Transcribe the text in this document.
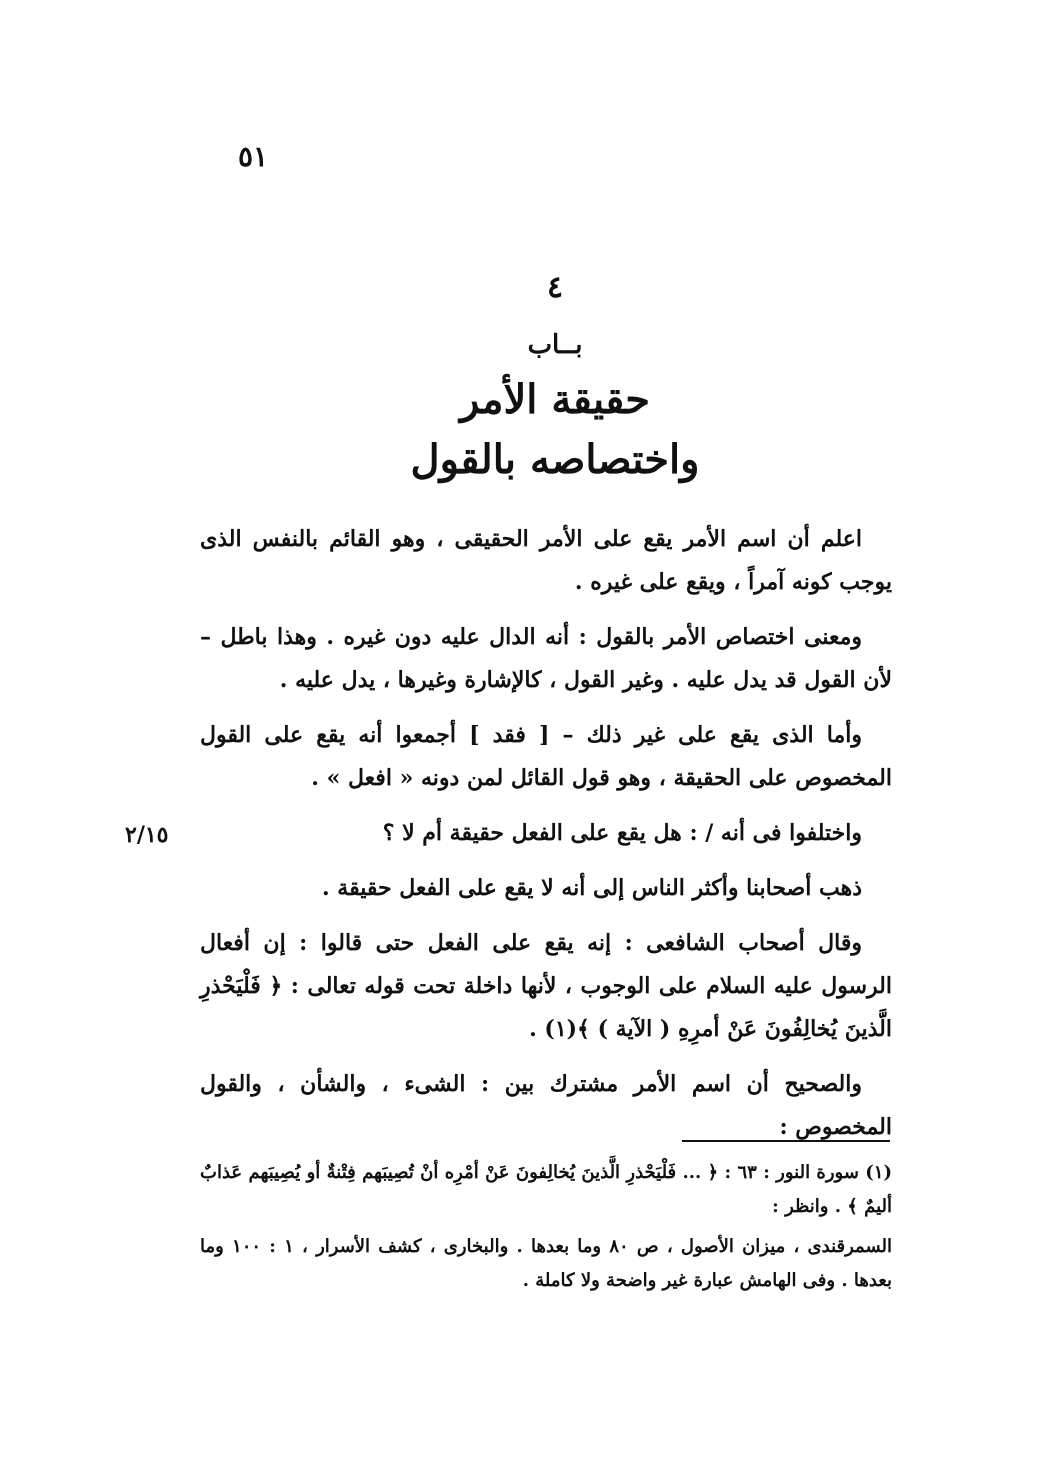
٥١
٤
بــاب
حقيقة الأمر
واختصاصه بالقول

اعلم أن اسم الأمر يقع على الأمر الحقيقى ، وهو القائم بالنفس الذى يوجب كونه آمراً ، ويقع على غيره .

ومعنى اختصاص الأمر بالقول : أنه الدال عليه دون غيره . وهذا باطل – لأن القول قد يدل عليه . وغير القول ، كالإشارة وغيرها ، يدل عليه .

وأما الذى يقع على غير ذلك – [ فقد ] أجمعوا أنه يقع على القول المخصوص على الحقيقة ، وهو قول القائل لمن دونه « افعل » .

واختلفوا فى أنه / : هل يقع على الفعل حقيقة أم لا ؟

ذهب أصحابنا وأكثر الناس إلى أنه لا يقع على الفعل حقيقة .

وقال أصحاب الشافعى : إنه يقع على الفعل حتى قالوا : إن أفعال الرسول عليه السلام على الوجوب ، لأنها داخلة تحت قوله تعالى : ﴿ فَلْيَحْذرِ الَّذينَ يُخالِفُونَ عَنْ أمرِهِ ( الآية ) ﴾(١) .

والصحيح أن اسم الأمر مشترك بين : الشىء ، والشأن ، والقول المخصوص :

٢/١٥

(١) سورة النور : ٦٣ : ﴿ ... فَلْيَحْذرِ الَّذينَ يُخالِفونَ عَنْ أمْرِه أنْ تُصِيبَهم فِتْنةٌ أو يُصِيبَهم عَذابٌ أليمٌ ﴾ . وانظر :

السمرقندى ، ميزان الأصول ، ص ٨٠ وما بعدها . والبخارى ، كشف الأسرار ، ١ : ١٠٠ وما بعدها . وفى الهامش عبارة غير واضحة ولا كاملة .
